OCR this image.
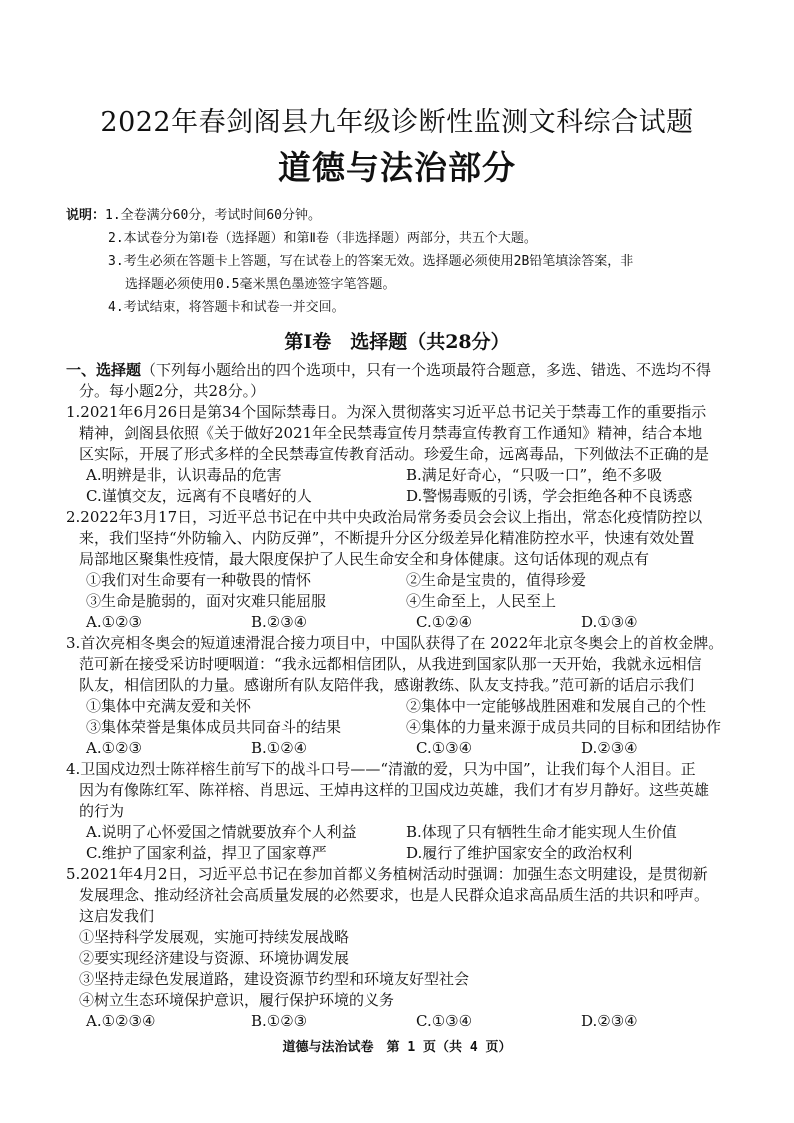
2022年春剑阁县九年级诊断性监测文科综合试题
道德与法治部分
说明：1.全卷满分60分，考试时间60分钟。
2.本试卷分为第Ⅰ卷（选择题）和第Ⅱ卷（非选择题）两部分，共五个大题。
3.考生必须在答题卡上答题，写在试卷上的答案无效。选择题必须使用2B铅笔填涂答案，非
选择题必须使用0.5毫米黑色墨迹签字笔答题。
4.考试结束，将答题卡和试卷一并交回。
第Ⅰ卷　选择题（共28分）
一、选择题（下列每小题给出的四个选项中，只有一个选项最符合题意，多选、错选、不选均不得
分。每小题2分，共28分。）
1.2021年6月26日是第34个国际禁毒日。为深入贯彻落实习近平总书记关于禁毒工作的重要指示
精神，剑阁县依照《关于做好2021年全民禁毒宣传月禁毒宣传教育工作通知》精神，结合本地
区实际，开展了形式多样的全民禁毒宣传教育活动。珍爱生命，远离毒品，下列做法不正确的是
A.明辨是非，认识毒品的危害	B.满足好奇心，“只吸一口”，绝不多吸
C.谨慎交友，远离有不良嗜好的人	D.警惕毒贩的引诱，学会拒绝各种不良诱惑
2.2022年3月17日，习近平总书记在中共中央政治局常务委员会会议上指出，常态化疫情防控以
来，我们坚持“外防输入、内防反弹”，不断提升分区分级差异化精准防控水平，快速有效处置
局部地区聚集性疫情，最大限度保护了人民生命安全和身体健康。这句话体现的观点有
①我们对生命要有一种敬畏的情怀	②生命是宝贵的，值得珍爱
③生命是脆弱的，面对灾难只能屈服	④生命至上，人民至上
A.①②③	B.②③④	C.①②④	D.①③④
3.首次亮相冬奥会的短道速滑混合接力项目中，中国队获得了在 2022年北京冬奥会上的首枚金牌。
范可新在接受采访时哽咽道：“我永远都相信团队，从我进到国家队那一天开始，我就永远相信
队友，相信团队的力量。感谢所有队友陪伴我，感谢教练、队友支持我。”范可新的话启示我们
①集体中充满友爱和关怀	②集体中一定能够战胜困难和发展自己的个性
③集体荣誉是集体成员共同奋斗的结果	④集体的力量来源于成员共同的目标和团结协作
A.①②③	B.①②④	C.①③④	D.②③④
4.卫国戍边烈士陈祥榕生前写下的战斗口号——“清澈的爱，只为中国”，让我们每个人泪目。正
因为有像陈红军、陈祥榕、肖思远、王焯冉这样的卫国戍边英雄，我们才有岁月静好。这些英雄
的行为
A.说明了心怀爱国之情就要放弃个人利益	B.体现了只有牺牲生命才能实现人生价值
C.维护了国家利益，捍卫了国家尊严	D.履行了维护国家安全的政治权利
5.2021年4月2日，习近平总书记在参加首都义务植树活动时强调：加强生态文明建设，是贯彻新
发展理念、推动经济社会高质量发展的必然要求，也是人民群众追求高品质生活的共识和呼声。
这启发我们
①坚持科学发展观，实施可持续发展战略
②要实现经济建设与资源、环境协调发展
③坚持走绿色发展道路，建设资源节约型和环境友好型社会
④树立生态环境保护意识，履行保护环境的义务
A.①②③④	B.①②③	C.①③④	D.②③④
道德与法治试卷　第 1 页（共 4 页）
